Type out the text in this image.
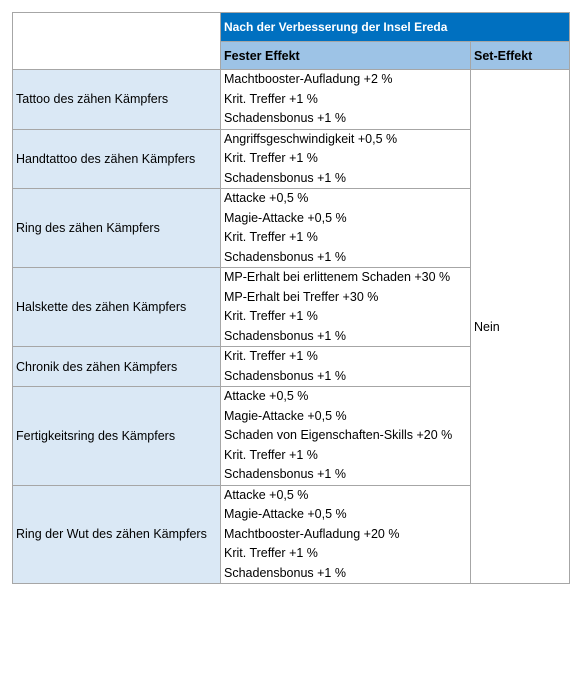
	Nach der Verbesserung der Insel Ereda	
	Fester Effekt	Set-Effekt
Tattoo des zähen Kämpfers	Machtbooster-Aufladung +2 %
Krit. Treffer +1 %
Schadensbonus +1 %	Nein
Handtattoo des zähen Kämpfers	Angriffsgeschwindigkeit +0,5 %
Krit. Treffer +1 %
Schadensbonus +1 %	

Ring des zähen Kämpfers	Attacke +0,5 %
Magie-Attacke +0,5 %
Krit. Treffer +1 %
Schadensbonus +1 %	

Halskette des zähen Kämpfers	MP-Erhalt bei erlittenem Schaden +30 %
MP-Erhalt bei Treffer +30 %
Krit. Treffer +1 %
Schadensbonus +1 %	

Chronik des zähen Kämpfers	Krit. Treffer +1 %
Schadensbonus +1 %	

Fertigkeitsring des Kämpfers	Attacke +0,5 %
Magie-Attacke +0,5 %
Schaden von Eigenschaften-Skills +20 %
Krit. Treffer +1 %
Schadensbonus +1 %	

Ring der Wut des zähen Kämpfers	Attacke +0,5 %
Magie-Attacke +0,5 %
Machtbooster-Aufladung +20 %
Krit. Treffer +1 %
Schadensbonus +1 %	
